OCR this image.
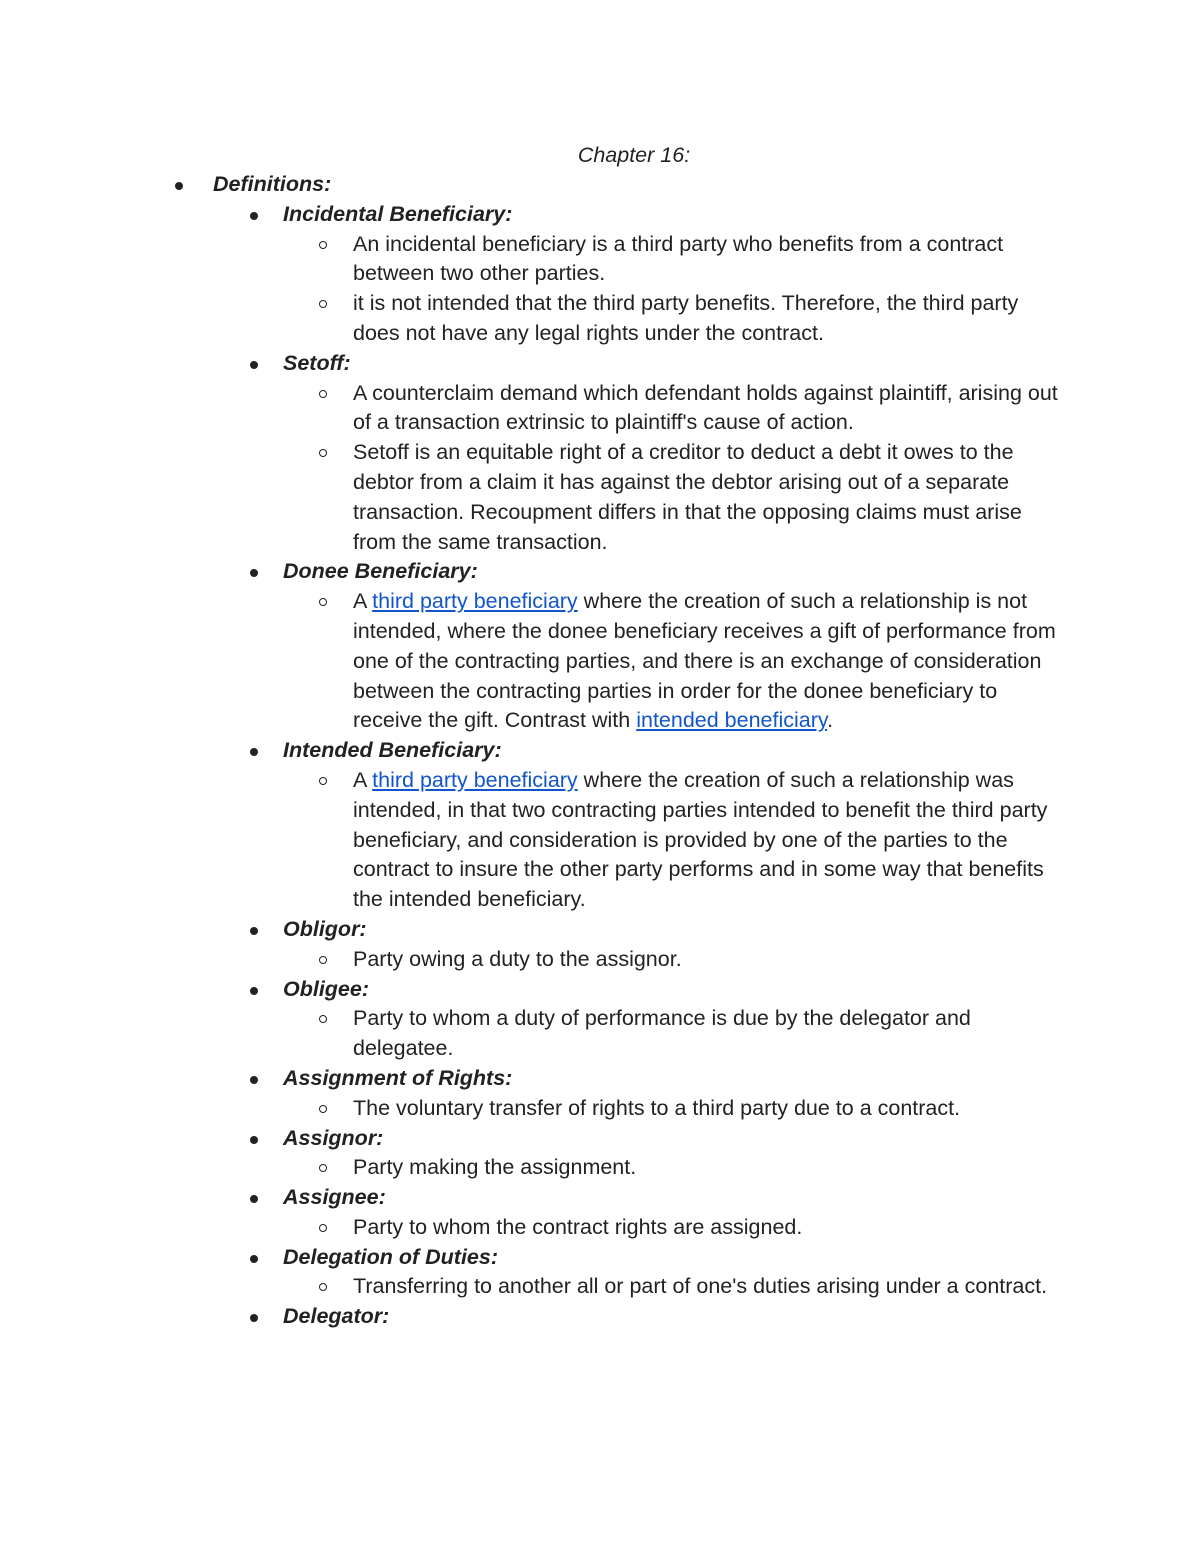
Chapter 16:
Definitions:
Incidental Beneficiary:
An incidental beneficiary is a third party who benefits from a contract between two other parties.
it is not intended that the third party benefits. Therefore, the third party does not have any legal rights under the contract.
Setoff:
A counterclaim demand which defendant holds against plaintiff, arising out of a transaction extrinsic to plaintiff's cause of action.
Setoff is an equitable right of a creditor to deduct a debt it owes to the debtor from a claim it has against the debtor arising out of a separate transaction. Recoupment differs in that the opposing claims must arise from the same transaction.
Donee Beneficiary:
A third party beneficiary where the creation of such a relationship is not intended, where the donee beneficiary receives a gift of performance from one of the contracting parties, and there is an exchange of consideration between the contracting parties in order for the donee beneficiary to receive the gift. Contrast with intended beneficiary.
Intended Beneficiary:
A third party beneficiary where the creation of such a relationship was intended, in that two contracting parties intended to benefit the third party beneficiary, and consideration is provided by one of the parties to the contract to insure the other party performs and in some way that benefits the intended beneficiary.
Obligor:
Party owing a duty to the assignor.
Obligee:
Party to whom a duty of performance is due by the delegator and delegatee.
Assignment of Rights:
The voluntary transfer of rights to a third party due to a contract.
Assignor:
Party making the assignment.
Assignee:
Party to whom the contract rights are assigned.
Delegation of Duties:
Transferring to another all or part of one's duties arising under a contract.
Delegator:
